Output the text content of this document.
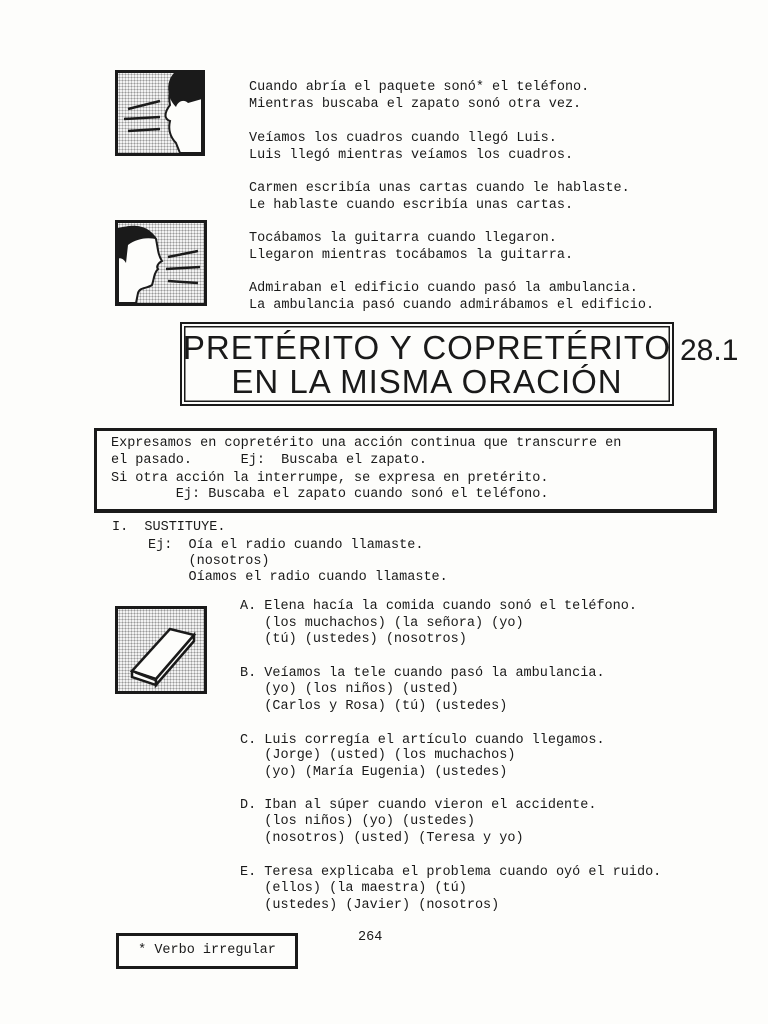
Cuando abría el paquete sonó* el teléfono.
Mientras buscaba el zapato sonó otra vez.
Veíamos los cuadros cuando llegó Luis.
Luis llegó mientras veíamos los cuadros.
Carmen escribía unas cartas cuando le hablaste.
Le hablaste cuando escribía unas cartas.
Tocábamos la guitarra cuando llegaron.
Llegaron mientras tocábamos la guitarra.
Admiraban el edificio cuando pasó la ambulancia.
La ambulancia pasó cuando admirábamos el edificio.
PRETÉRITO Y COPRETÉRITO
EN LA MISMA ORACIÓN
28.1
Expresamos en copretérito una acción continua que transcurre en
el pasado.      Ej:  Buscaba el zapato.
Si otra acción la interrumpe, se expresa en pretérito.
Ej: Buscaba el zapato cuando sonó el teléfono.
I.  SUSTITUYE.
Ej:  Oía el radio cuando llamaste.
(nosotros)
Oíamos el radio cuando llamaste.
A. Elena hacía la comida cuando sonó el teléfono.
(los muchachos) (la señora) (yo)
(tú) (ustedes) (nosotros)
B. Veíamos la tele cuando pasó la ambulancia.
(yo) (los niños) (usted)
(Carlos y Rosa) (tú) (ustedes)
C. Luis corregía el artículo cuando llegamos.
(Jorge) (usted) (los muchachos)
(yo) (María Eugenia) (ustedes)
D. Iban al súper cuando vieron el accidente.
(los niños) (yo) (ustedes)
(nosotros) (usted) (Teresa y yo)
E. Teresa explicaba el problema cuando oyó el ruido.
(ellos) (la maestra) (tú)
(ustedes) (Javier) (nosotros)
264
* Verbo irregular
